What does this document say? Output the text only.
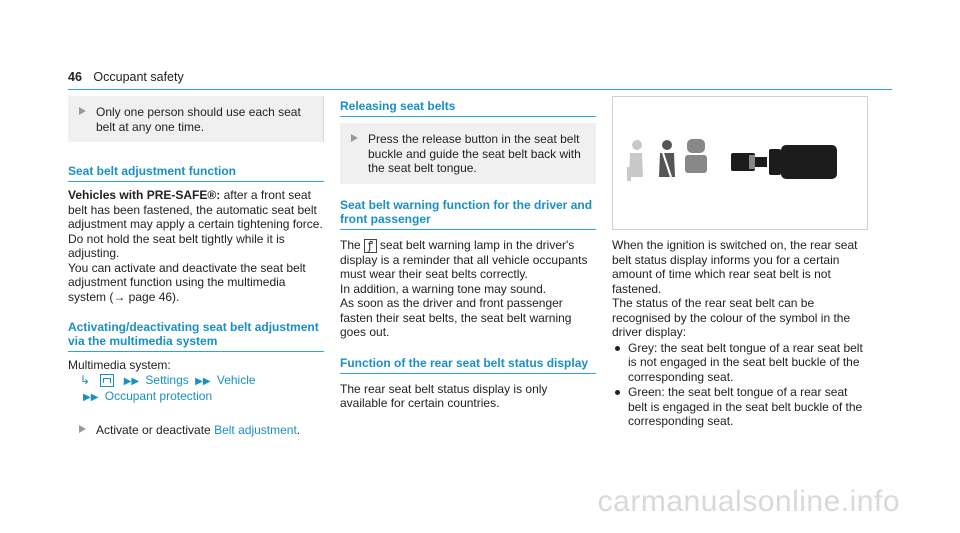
46 Occupant safety

Only one person should use each seat belt at any one time.

Seat belt adjustment function

Vehicles with PRE-SAFE®: after a front seat belt has been fastened, the automatic seat belt adjustment may apply a certain tightening force. Do not hold the seat belt tightly while it is adjusting.

You can activate and deactivate the seat belt adjustment function using the multimedia system (→ page 46).

Activating/deactivating seat belt adjustment via the multimedia system

Multimedia system:

↳	▶▶ Settings ▶▶ Vehicle
▶▶ Occupant protection
Activate or deactivate Belt adjustment.
Releasing seat belts

Press the release button in the seat belt buckle and guide the seat belt back with the seat belt tongue.

Seat belt warning function for the driver and front passenger

The ꝭ seat belt warning lamp in the driver's display is a reminder that all vehicle occupants must wear their seat belts correctly.

In addition, a warning tone may sound.

As soon as the driver and front passenger fasten their seat belts, the seat belt warning goes out.

Function of the rear seat belt status display

The rear seat belt status display is only available for certain countries.

When the ignition is switched on, the rear seat belt status display informs you for a certain amount of time which rear seat belt is not fastened.

The status of the rear seat belt can be recognised by the colour of the symbol in the driver display:

Grey: the seat belt tongue of a rear seat belt is not engaged in the seat belt buckle of the corresponding seat.
Green: the seat belt tongue of a rear seat belt is engaged in the seat belt buckle of the corresponding seat.
carmanualsonline.info
